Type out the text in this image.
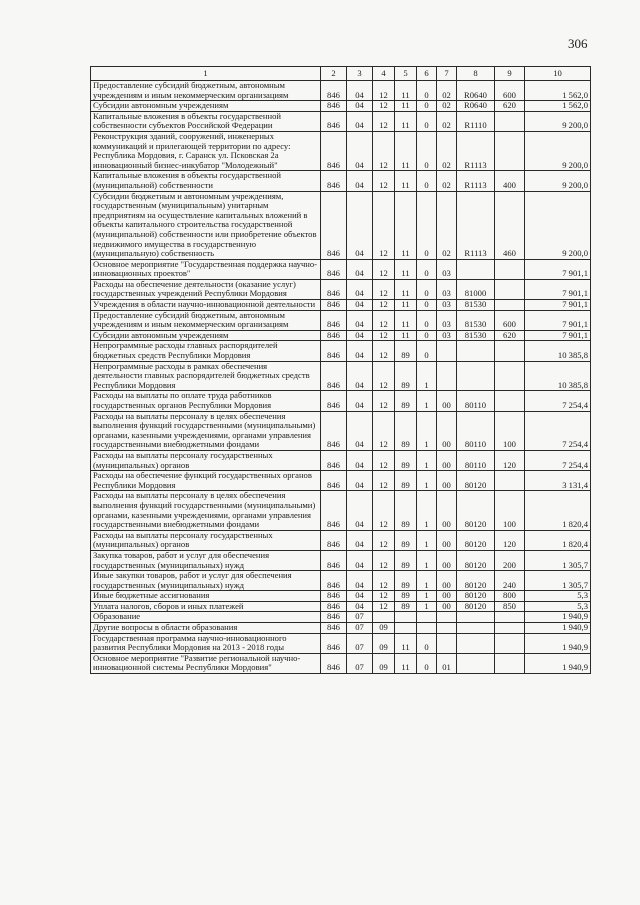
306
1	2	3	4	5	6	7	8	9	10
Предоставление субсидий бюджетным, автономным учреждениям и иным некоммерческим организациям	846	04	12	11	0	02	R0640	600	1 562,0
Субсидии автономным учреждениям	846	04	12	11	0	02	R0640	620	1 562,0
Капитальные вложения в объекты государственной собственности субъектов Российской Федерации	846	04	12	11	0	02	R1110		9 200,0
Реконструкция зданий, сооружений, инженерных коммуникаций и прилегающей территории по адресу: Республика Мордовия, г. Саранск ул. Псковская 2а инновационный бизнес-инкубатор "Молодежный"	846	04	12	11	0	02	R1113		9 200,0
Капитальные вложения в объекты государственной (муниципальной) собственности	846	04	12	11	0	02	R1113	400	9 200,0
Субсидии бюджетным и автономным учреждениям, государственным (муниципальным) унитарным предприятиям на осуществление капитальных вложений в объекты капитального строительства государственной (муниципальной) собственности или приобретение объектов недвижимого имущества в государственную (муниципальную) собственность	846	04	12	11	0	02	R1113	460	9 200,0
Основное мероприятие "Государственная поддержка научно-инновационных проектов"	846	04	12	11	0	03			7 901,1
Расходы на обеспечение деятельности (оказание услуг) государственных учреждений Республики Мордовия	846	04	12	11	0	03	81000		7 901,1
Учреждения в области научно-инновационной деятельности	846	04	12	11	0	03	81530		7 901,1
Предоставление субсидий бюджетным, автономным учреждениям и иным некоммерческим организациям	846	04	12	11	0	03	81530	600	7 901,1
Субсидии автономным учреждениям	846	04	12	11	0	03	81530	620	7 901,1
Непрограммные расходы главных распорядителей бюджетных средств Республики Мордовия	846	04	12	89	0				10 385,8
Непрограммные расходы в рамках обеспечения деятельности главных распорядителей бюджетных средств Республики Мордовия	846	04	12	89	1				10 385,8
Расходы на выплаты по оплате труда работников государственных органов Республики Мордовия	846	04	12	89	1	00	80110		7 254,4
Расходы на выплаты персоналу в целях обеспечения выполнения функций государственными (муниципальными) органами, казенными учреждениями, органами управления государственными внебюджетными фондами	846	04	12	89	1	00	80110	100	7 254,4
Расходы на выплаты персоналу государственных (муниципальных) органов	846	04	12	89	1	00	80110	120	7 254,4
Расходы на обеспечение функций государственных органов Республики Мордовия	846	04	12	89	1	00	80120		3 131,4
Расходы на выплаты персоналу в целях обеспечения выполнения функций государственными (муниципальными) органами, казенными учреждениями, органами управления государственными внебюджетными фондами	846	04	12	89	1	00	80120	100	1 820,4
Расходы на выплаты персоналу государственных (муниципальных) органов	846	04	12	89	1	00	80120	120	1 820,4
Закупка товаров, работ и услуг для обеспечения государственных (муниципальных) нужд	846	04	12	89	1	00	80120	200	1 305,7
Иные закупки товаров, работ и услуг для обеспечения государственных (муниципальных) нужд	846	04	12	89	1	00	80120	240	1 305,7
Иные бюджетные ассигнования	846	04	12	89	1	00	80120	800	5,3
Уплата налогов, сборов и иных платежей	846	04	12	89	1	00	80120	850	5,3
Образование	846	07							1 940,9
Другие вопросы в области образования	846	07	09						1 940,9
Государственная программа научно-инновационного развития Республики Мордовия на 2013 - 2018 годы	846	07	09	11	0				1 940,9
Основное мероприятие "Развитие региональной научно-инновационной системы Республики Мордовия"	846	07	09	11	0	01			1 940,9
